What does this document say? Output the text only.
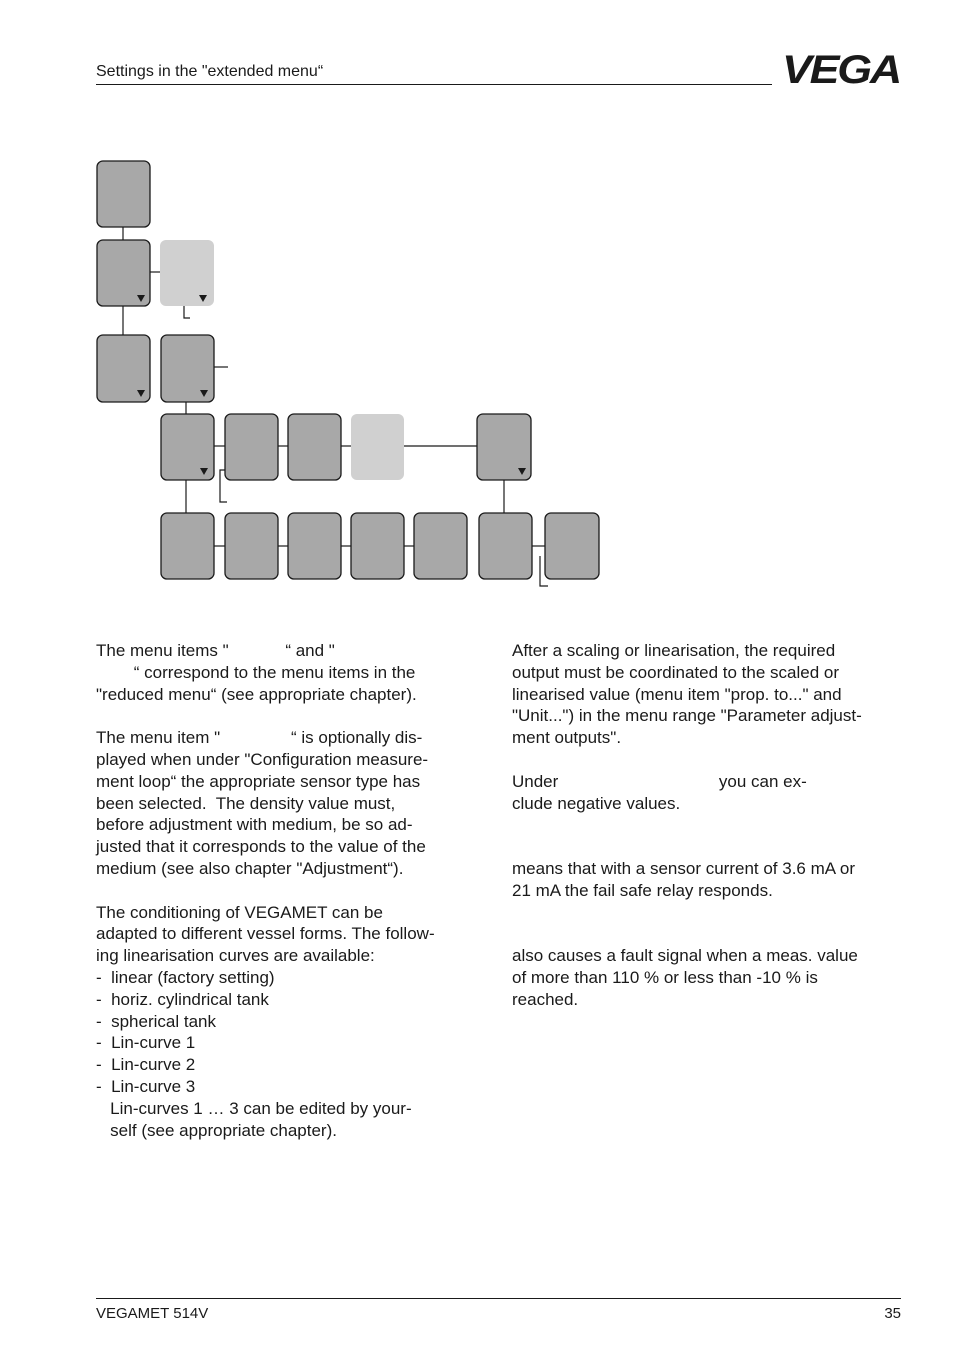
Settings in the "extended menu“	VEGA

The menu items "            “ and "

“ correspond to the menu items in the

"reduced menu“ (see appropriate chapter).

The menu item "               “ is optionally dis-

played when under "Configuration measure-

ment loop“ the appropriate sensor type has

been selected.  The density value must,

before adjustment with medium, be so ad-

justed that it corresponds to the value of the

medium (see also chapter "Adjustment“).

The conditioning of VEGAMET can be

adapted to different vessel forms. The follow-

ing linearisation curves are available:

-  linear (factory setting)

-  horiz. cylindrical tank

-  spherical tank

-  Lin-curve 1

-  Lin-curve 2

-  Lin-curve 3

Lin-curves 1 … 3 can be edited by your-

self (see appropriate chapter).

After a scaling or linearisation, the required

output must be coordinated to the scaled or

linearised value (menu item "prop. to..." and

"Unit...") in the menu range "Parameter adjust-

ment outputs".

Under                                  you can ex-

clude negative values.

means that with a sensor current of 3.6 mA or

21 mA the fail safe relay responds.

also causes a fault signal when a meas. value

of more than 110 % or less than -10 % is

reached.

VEGAMET 514V	35
